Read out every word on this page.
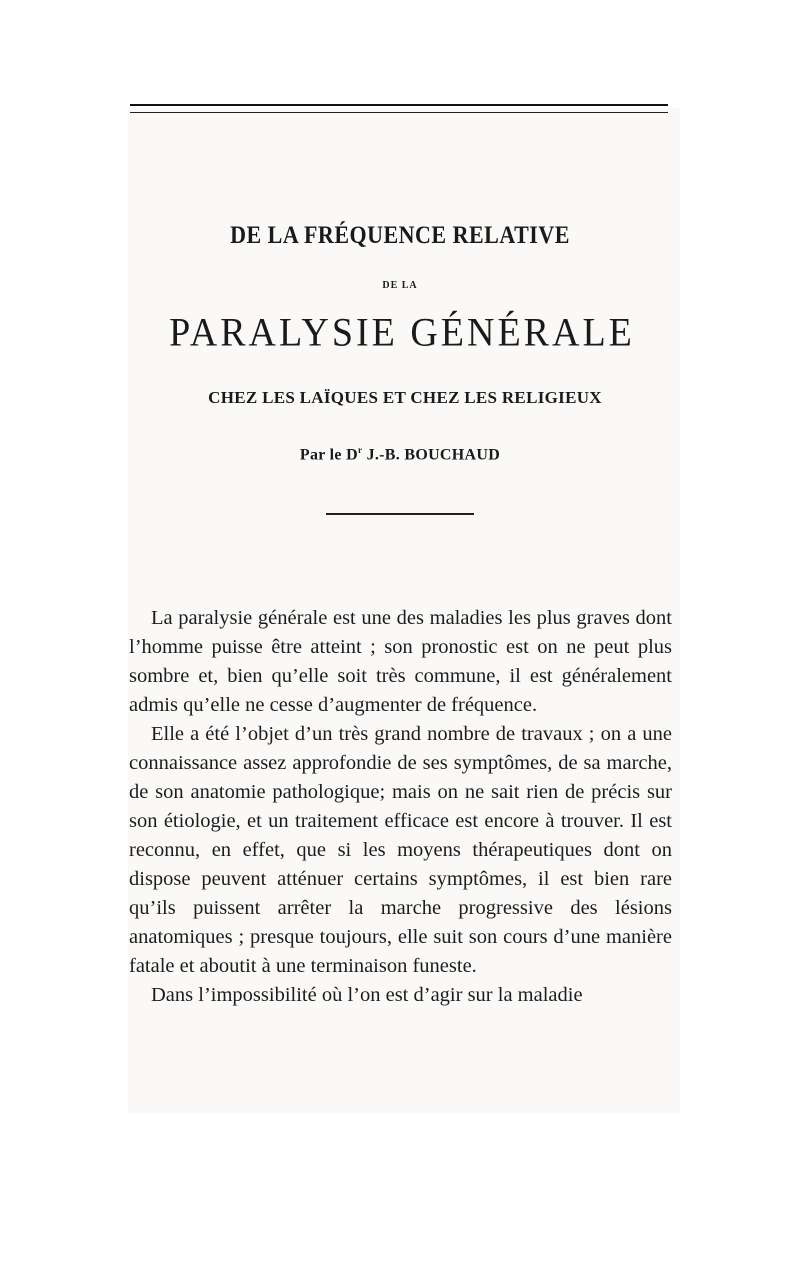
DE LA FRÉQUENCE RELATIVE
DE LA
PARALYSIE GÉNÉRALE
CHEZ LES LAÏQUES ET CHEZ LES RELIGIEUX
Par le $D^r$ J.-B. BOUCHAUD

La paralysie générale est une des maladies les plus graves dont l’homme puisse être atteint ; son pronostic est on ne peut plus sombre et, bien qu’elle soit très commune, il est généralement admis qu’elle ne cesse d’augmenter de fréquence.

Elle a été l’objet d’un très grand nombre de travaux ; on a une connaissance assez approfondie de ses symptômes, de sa marche, de son anatomie pathologique; mais on ne sait rien de précis sur son étiologie, et un traitement efficace est encore à trouver. Il est reconnu, en effet, que si les moyens thérapeutiques dont on dispose peuvent atténuer certains symptômes, il est bien rare qu’ils puissent arrêter la marche progressive des lésions anatomiques ; presque toujours, elle suit son cours d’une manière fatale et aboutit à une terminaison funeste.

Dans l’impossibilité où l’on est d’agir sur la maladie
